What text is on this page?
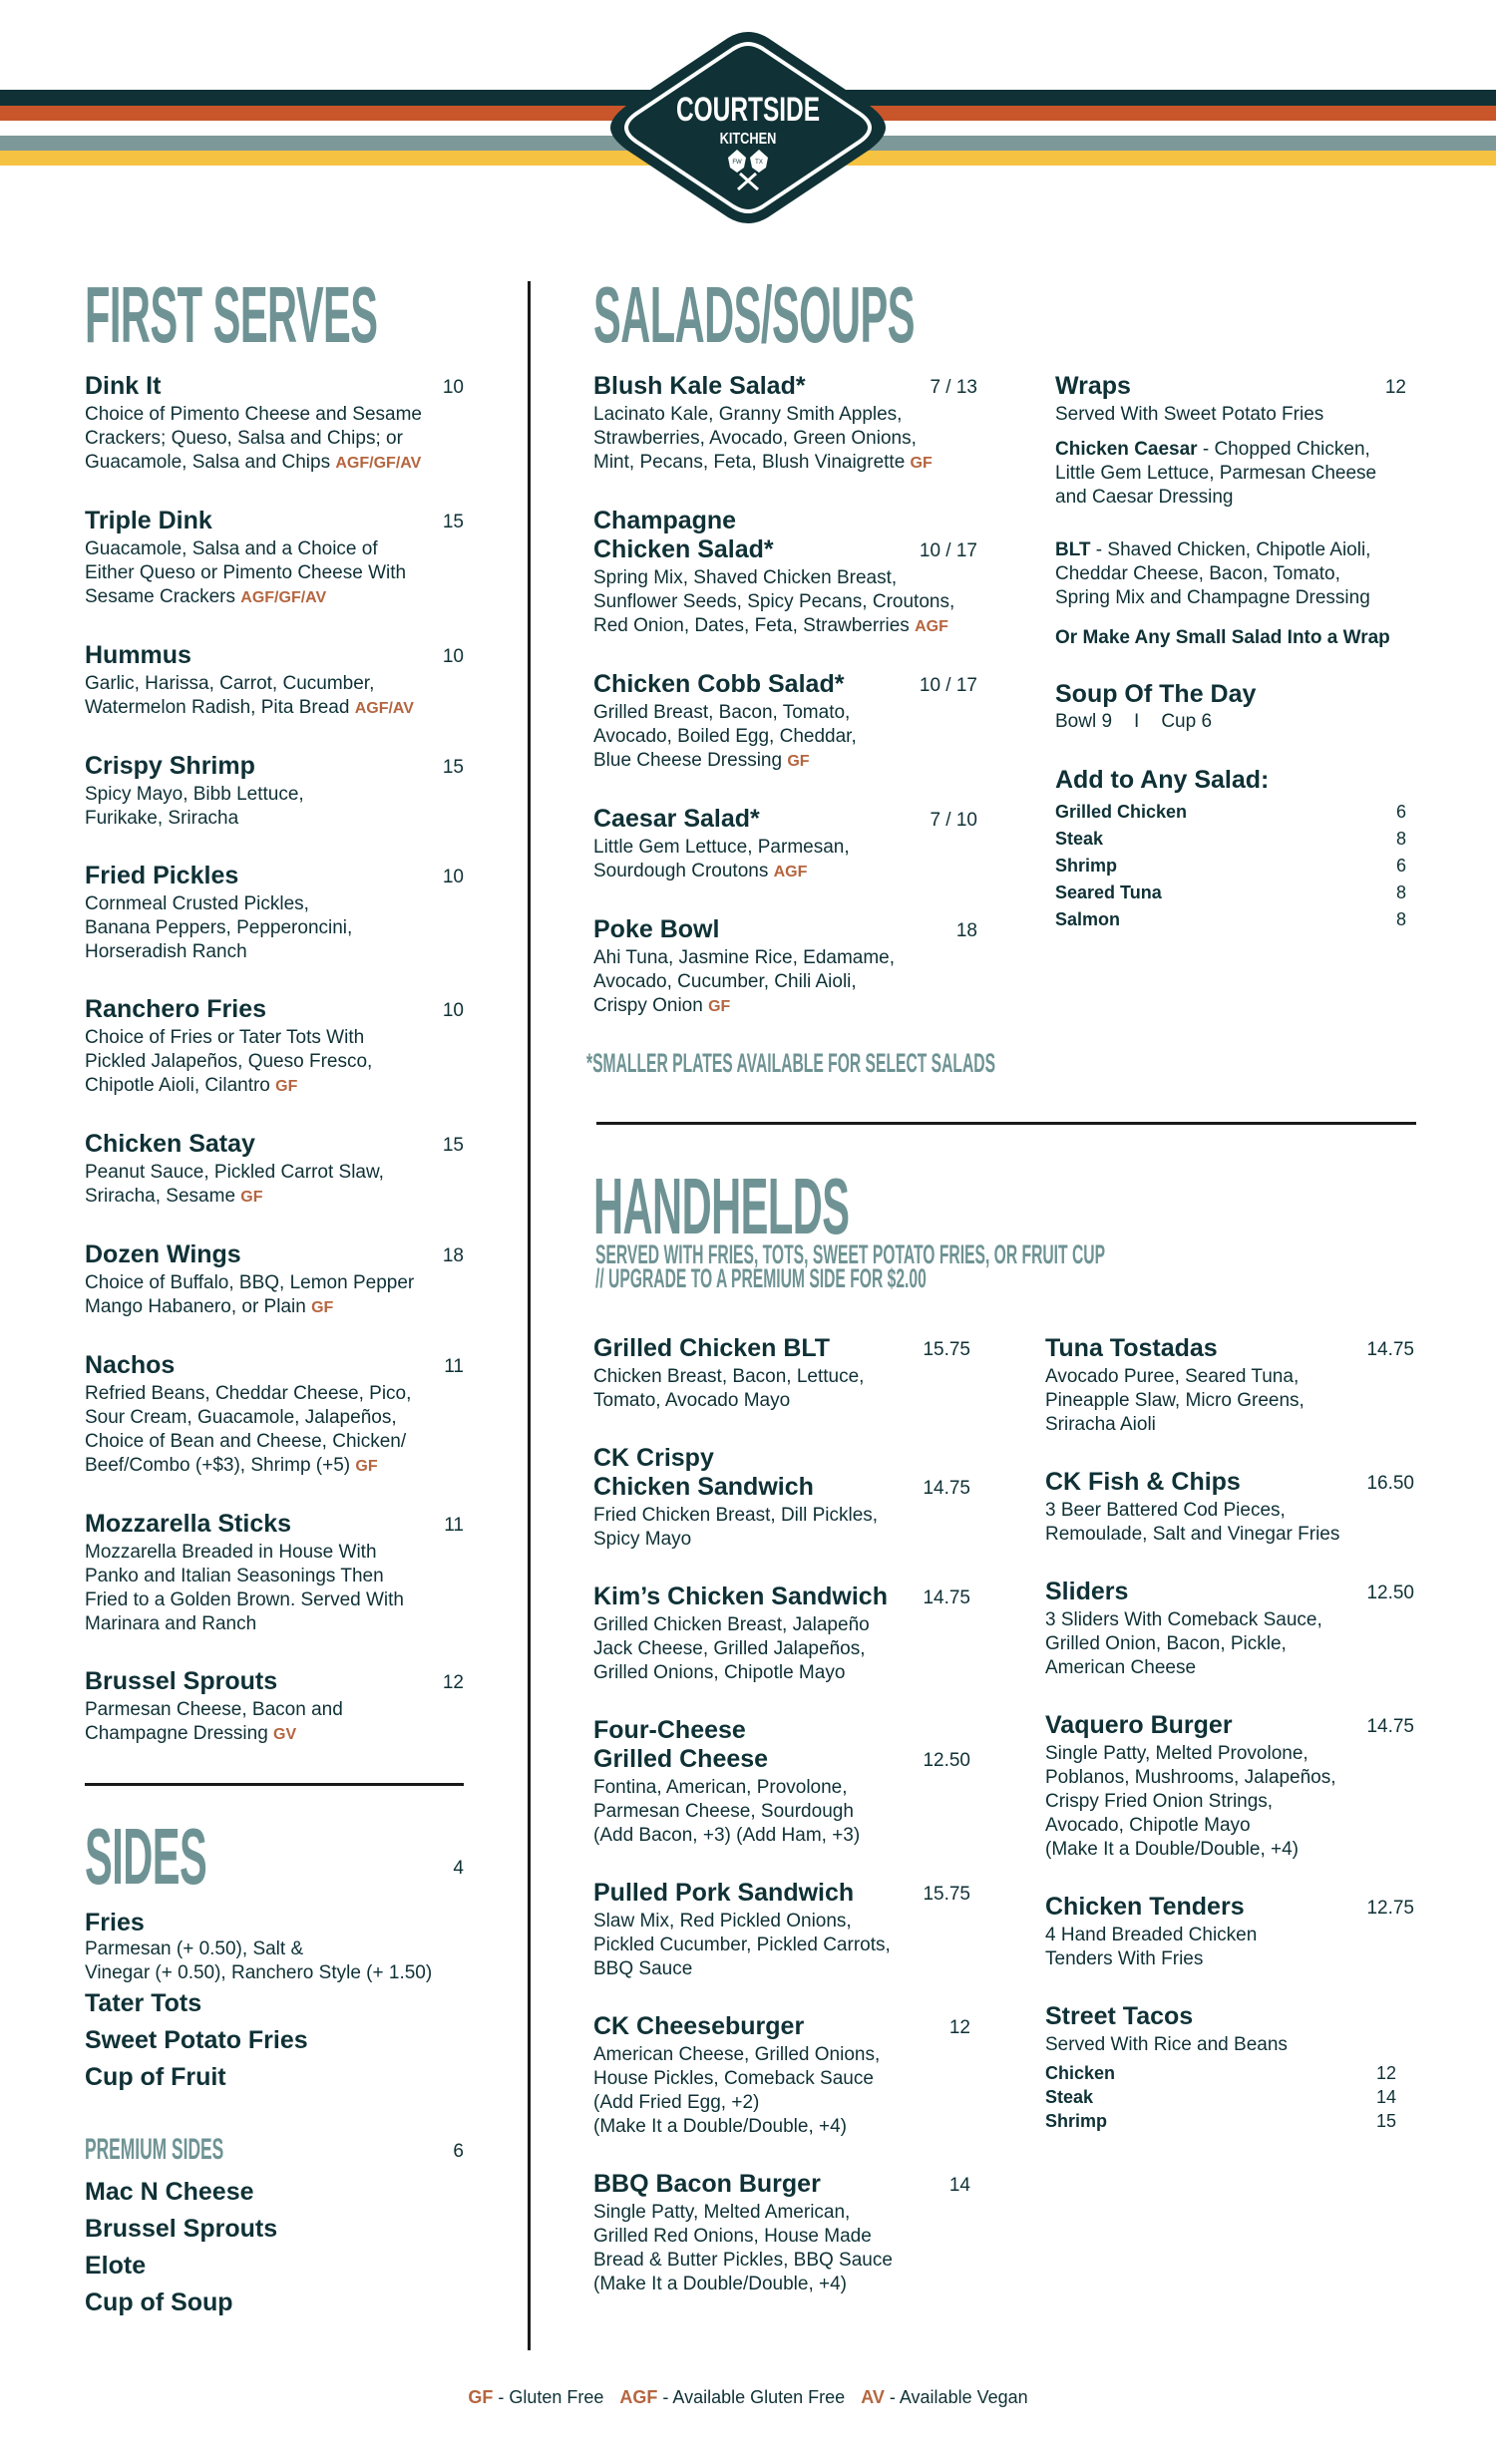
COURTSIDE
KITCHEN
FW TX
FIRST SERVES
Dink It	10
Choice of Pimento Cheese and Sesame
Crackers; Queso, Salsa and Chips; or
Guacamole, Salsa and Chips AGF/GF/AV
Triple Dink	15
Guacamole, Salsa and a Choice of
Either Queso or Pimento Cheese With
Sesame Crackers AGF/GF/AV
Hummus	10
Garlic, Harissa, Carrot, Cucumber,
Watermelon Radish, Pita Bread AGF/AV
Crispy Shrimp	15
Spicy Mayo, Bibb Lettuce,
Furikake, Sriracha
Fried Pickles	10
Cornmeal Crusted Pickles,
Banana Peppers, Pepperoncini,
Horseradish Ranch
Ranchero Fries	10
Choice of Fries or Tater Tots With
Pickled Jalapeños, Queso Fresco,
Chipotle Aioli, Cilantro GF
Chicken Satay	15
Peanut Sauce, Pickled Carrot Slaw,
Sriracha, Sesame GF
Dozen Wings	18
Choice of Buffalo, BBQ, Lemon Pepper
Mango Habanero, or Plain GF
Nachos	11
Refried Beans, Cheddar Cheese, Pico,
Sour Cream, Guacamole, Jalapeños,
Choice of Bean and Cheese, Chicken/
Beef/Combo (+$3), Shrimp (+5) GF
Mozzarella Sticks	11
Mozzarella Breaded in House With
Panko and Italian Seasonings Then
Fried to a Golden Brown. Served With
Marinara and Ranch
Brussel Sprouts	12
Parmesan Cheese, Bacon and
Champagne Dressing GV
SIDES	4
Fries
Parmesan (+ 0.50), Salt &
Vinegar (+ 0.50), Ranchero Style (+ 1.50)
Tater Tots
Sweet Potato Fries
Cup of Fruit
PREMIUM SIDES	6
Mac N Cheese
Brussel Sprouts
Elote
Cup of Soup
SALADS/SOUPS
Blush Kale Salad*	7 / 13
Lacinato Kale, Granny Smith Apples,
Strawberries, Avocado, Green Onions,
Mint, Pecans, Feta, Blush Vinaigrette GF
Champagne
Chicken Salad*	10 / 17
Spring Mix, Shaved Chicken Breast,
Sunflower Seeds, Spicy Pecans, Croutons,
Red Onion, Dates, Feta, Strawberries AGF
Chicken Cobb Salad*	10 / 17
Grilled Breast, Bacon, Tomato,
Avocado, Boiled Egg, Cheddar,
Blue Cheese Dressing GF
Caesar Salad*	7 / 10
Little Gem Lettuce, Parmesan,
Sourdough Croutons AGF
Poke Bowl	18
Ahi Tuna, Jasmine Rice, Edamame,
Avocado, Cucumber, Chili Aioli,
Crispy Onion GF
*SMALLER PLATES AVAILABLE FOR SELECT SALADS
Wraps	12
Served With Sweet Potato Fries
Chicken Caesar - Chopped Chicken,
Little Gem Lettuce, Parmesan Cheese
and Caesar Dressing
BLT - Shaved Chicken, Chipotle Aioli,
Cheddar Cheese, Bacon, Tomato,
Spring Mix and Champagne Dressing
Or Make Any Small Salad Into a Wrap
Soup Of The Day
Bowl 9 I Cup 6
Add to Any Salad:
Grilled Chicken	6
Steak	8
Shrimp	6
Seared Tuna	8
Salmon	8
HANDHELDS
SERVED WITH FRIES, TOTS, SWEET POTATO FRIES, OR FRUIT CUP
// UPGRADE TO A PREMIUM SIDE FOR $2.00
Grilled Chicken BLT	15.75
Chicken Breast, Bacon, Lettuce,
Tomato, Avocado Mayo
CK Crispy
Chicken Sandwich	14.75
Fried Chicken Breast, Dill Pickles,
Spicy Mayo
Kim’s Chicken Sandwich 14.75
Grilled Chicken Breast, Jalapeño
Jack Cheese, Grilled Jalapeños,
Grilled Onions, Chipotle Mayo
Four-Cheese
Grilled Cheese	12.50
Fontina, American, Provolone,
Parmesan Cheese, Sourdough
(Add Bacon, +3) (Add Ham, +3)
Pulled Pork Sandwich	15.75
Slaw Mix, Red Pickled Onions,
Pickled Cucumber, Pickled Carrots,
BBQ Sauce
CK Cheeseburger	12
American Cheese, Grilled Onions,
House Pickles, Comeback Sauce
(Add Fried Egg, +2)
(Make It a Double/Double, +4)
BBQ Bacon Burger	14
Single Patty, Melted American,
Grilled Red Onions, House Made
Bread & Butter Pickles, BBQ Sauce
(Make It a Double/Double, +4)
Tuna Tostadas	14.75
Avocado Puree, Seared Tuna,
Pineapple Slaw, Micro Greens,
Sriracha Aioli
CK Fish & Chips	16.50
3 Beer Battered Cod Pieces,
Remoulade, Salt and Vinegar Fries
Sliders	12.50
3 Sliders With Comeback Sauce,
Grilled Onion, Bacon, Pickle,
American Cheese
Vaquero Burger	14.75
Single Patty, Melted Provolone,
Poblanos, Mushrooms, Jalapeños,
Crispy Fried Onion Strings,
Avocado, Chipotle Mayo
(Make It a Double/Double, +4)
Chicken Tenders	12.75
4 Hand Breaded Chicken
Tenders With Fries
Street Tacos
Served With Rice and Beans
Chicken	12
Steak	14
Shrimp	15
GF - Gluten Free AGF - Available Gluten Free AV - Available Vegan
